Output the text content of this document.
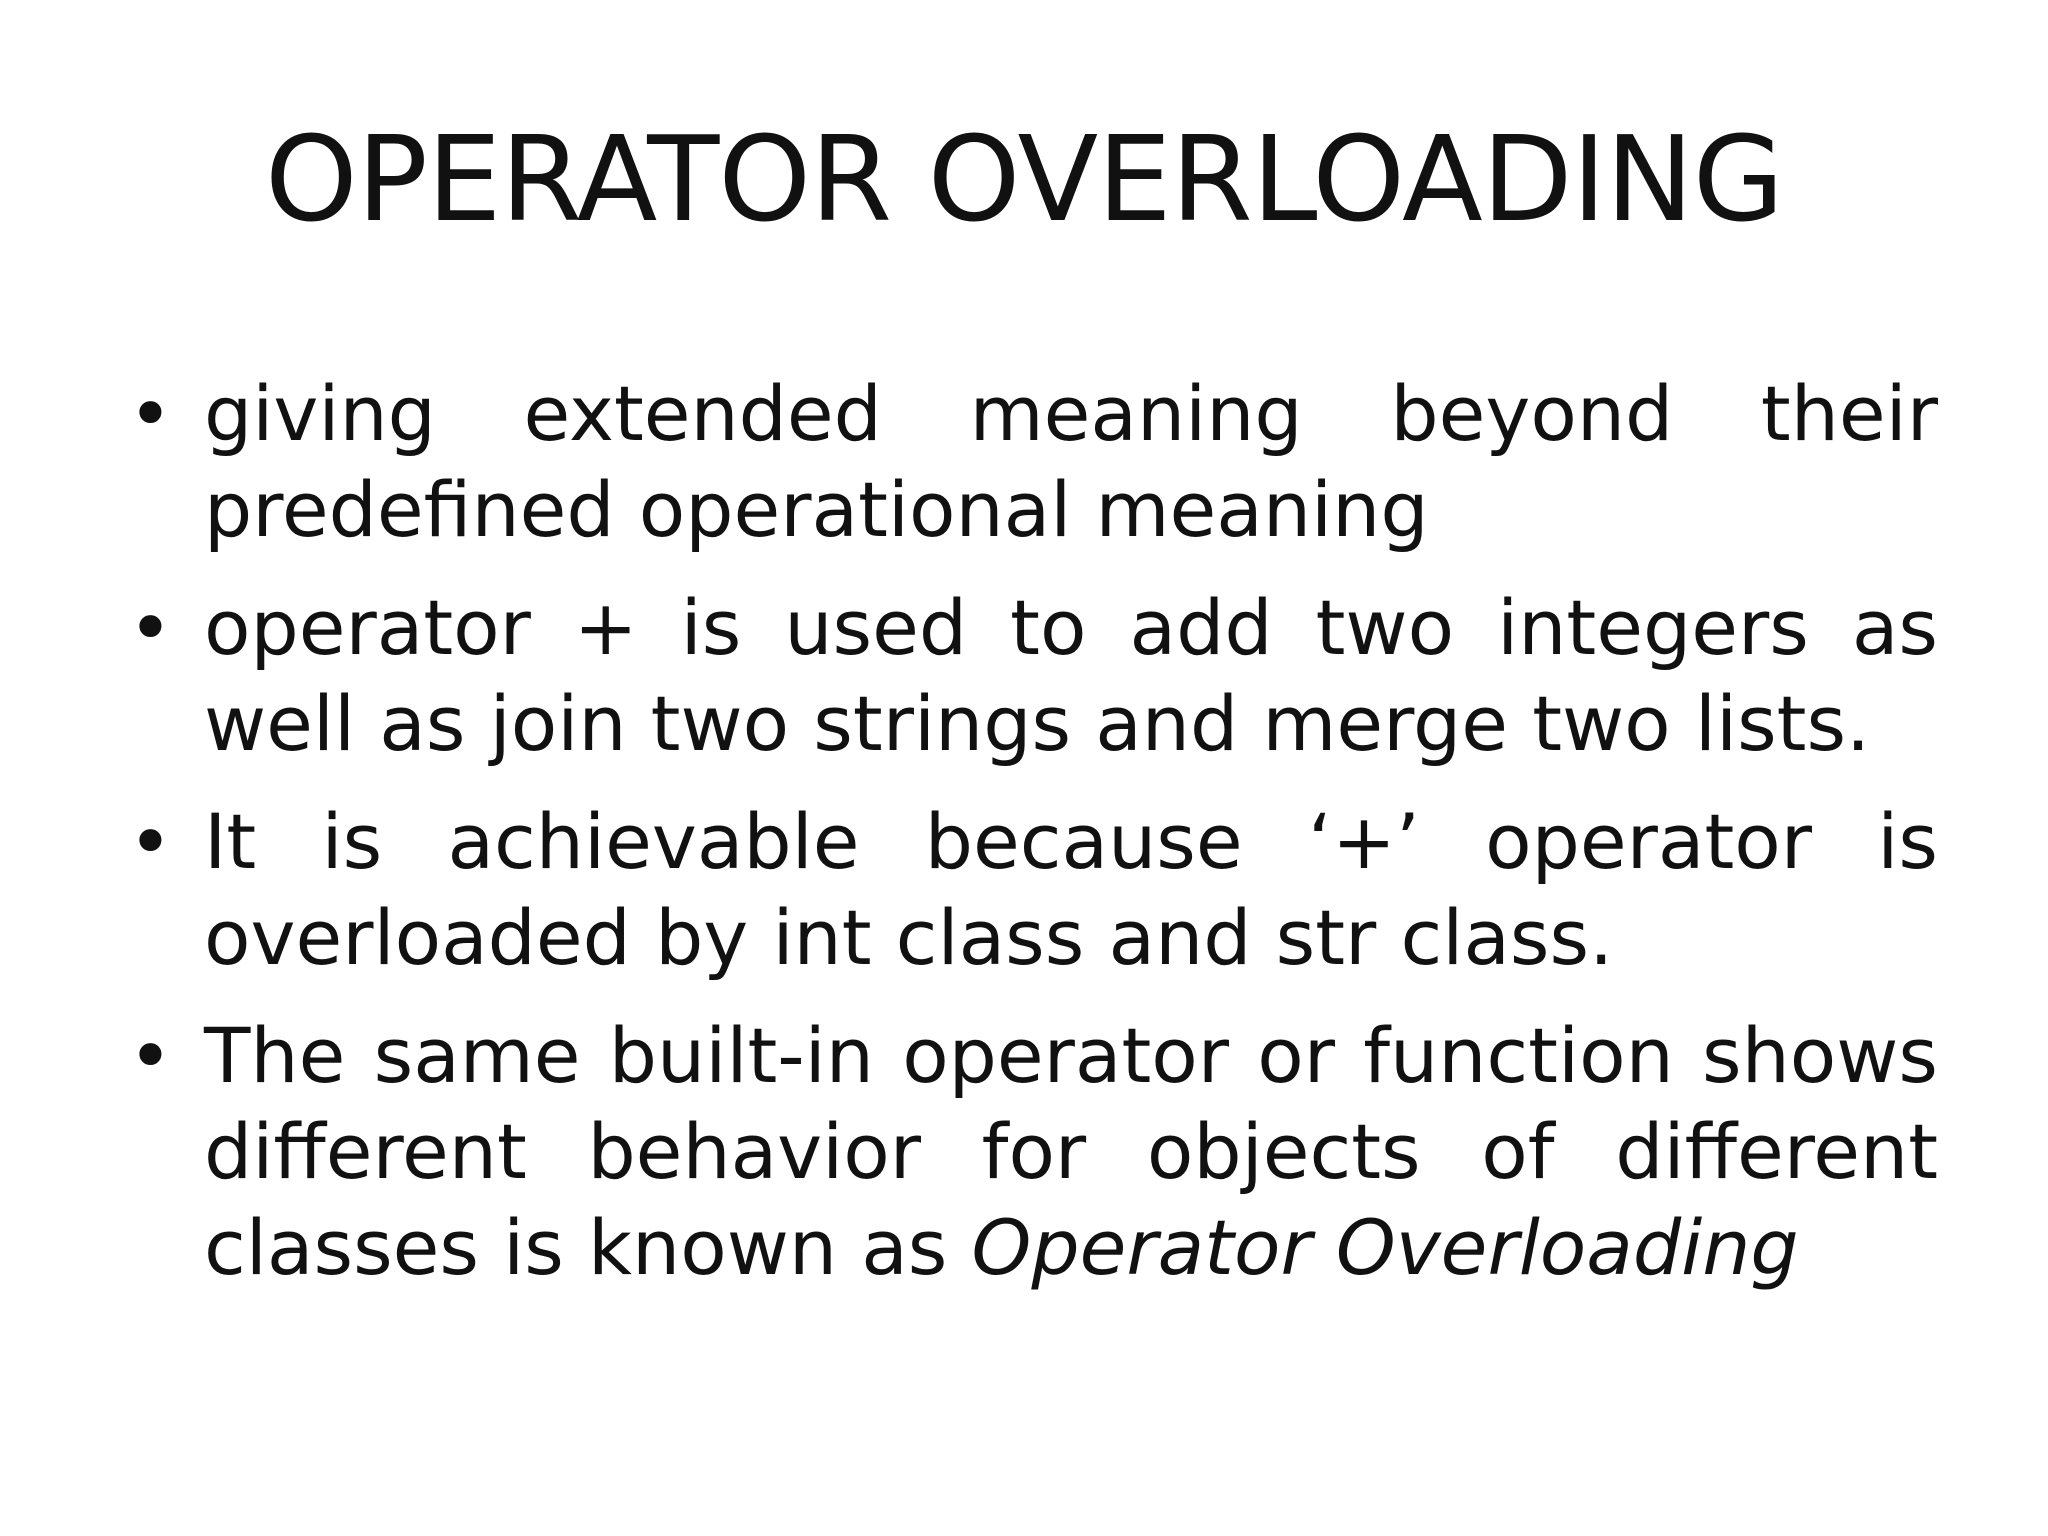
OPERATOR OVERLOADING
• giving extended meaning beyond their predefined operational meaning
• operator + is used to add two integers as well as join two strings and merge two lists.
• It is achievable because ‘+’ operator is overloaded by int class and str class.
• The same built-in operator or function shows different behavior for objects of different classes is known as Operator Overloading
